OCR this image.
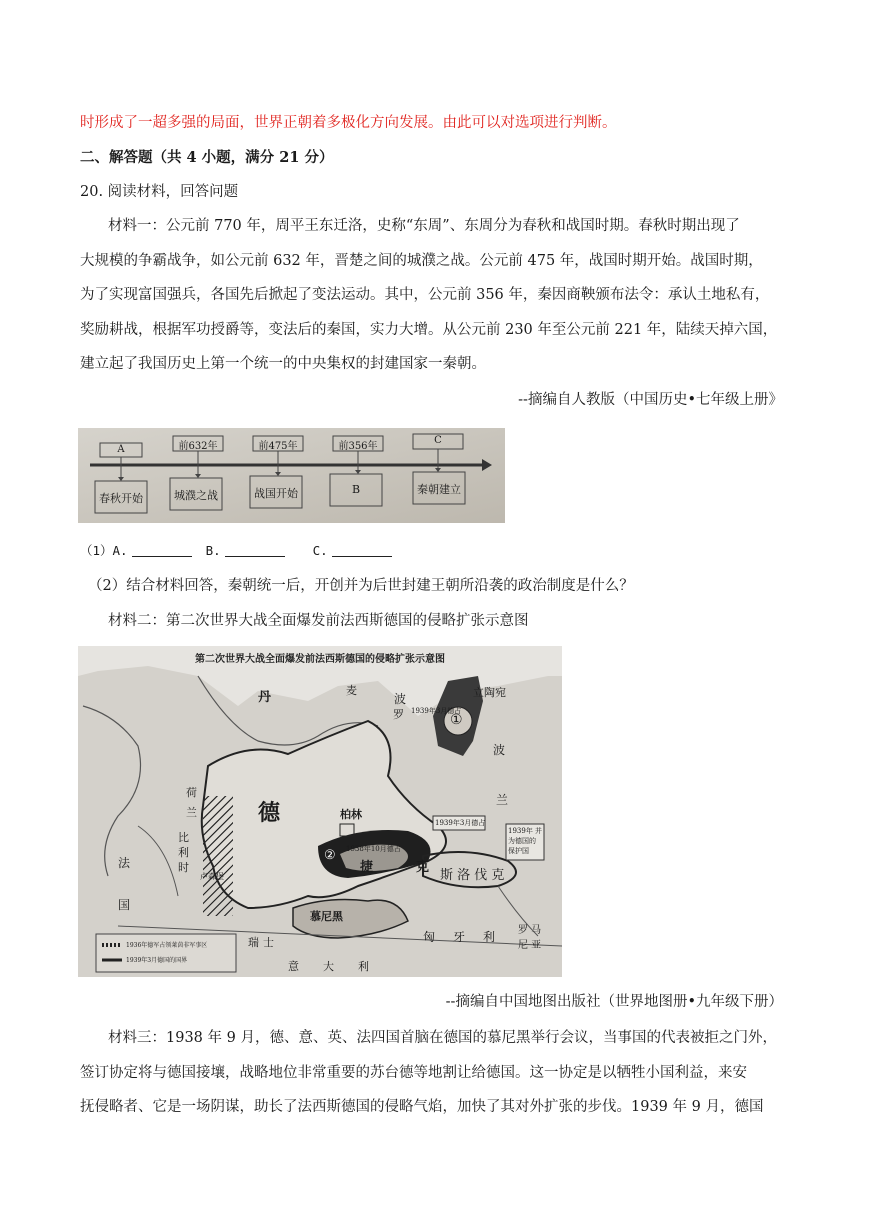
时形成了一超多强的局面，世界正朝着多极化方向发展。由此可以对选项进行判断。
二、解答题（共 4 小题，满分 21 分）
20. 阅读材料，回答问题
材料一：公元前 770 年，周平王东迁洛，史称“东周”、东周分为春秋和战国时期。春秋时期出现了
大规模的争霸战争，如公元前 632 年，晋楚之间的城濮之战。公元前 475 年，战国时期开始。战国时期，
为了实现富国强兵，各国先后掀起了变法运动。其中，公元前 356 年，秦因商鞅颁布法令：承认土地私有，
奖励耕战，根据军功授爵等，变法后的秦国，实力大增。从公元前 230 年至公元前 221 年，陆续天掉六国，
建立起了我国历史上第一个统一的中央集权的封建国家一秦朝。
--摘编自人教版（中国历史•七年级上册》
A	前632年	前475年	前356年
C
春秋开始	城濮之战	战国开始	B	秦朝建立
（1）A.	B.	C.
（2）结合材料回答，秦朝统一后，开创并为后世封建王朝所沿袭的政治制度是什么？
材料二：第二次世界大战全面爆发前法西斯德国的侵略扩张示意图
第二次世界大战全面爆发前法西斯德国的侵略扩张示意图
丹	麦
波
罗 1939年3月德占
立陶宛
①
德	柏林
波
兰
1938年10月德占
1939年3月德占
1939年 并为德国的 保护国
②
捷	克
斯 洛 伐 克
荷
兰
比
利
时
卢森堡
法
国
慕尼黑
瑞 士
意 大 利
匈 牙 利 罗 马
尼 亚
1936年德军占领莱茵非军事区
1939年3月德国的国界
--摘编自中国地图出版社（世界地图册•九年级下册）
材料三：1938 年 9 月，德、意、英、法四国首脑在德国的慕尼黑举行会议，当事国的代表被拒之门外，
签订协定将与德国接壤，战略地位非常重要的苏台德等地割让给德国。这一协定是以牺牲小国利益，来安
抚侵略者、它是一场阴谋，助长了法西斯德国的侵略气焰，加快了其对外扩张的步伐。1939 年 9 月，德国
